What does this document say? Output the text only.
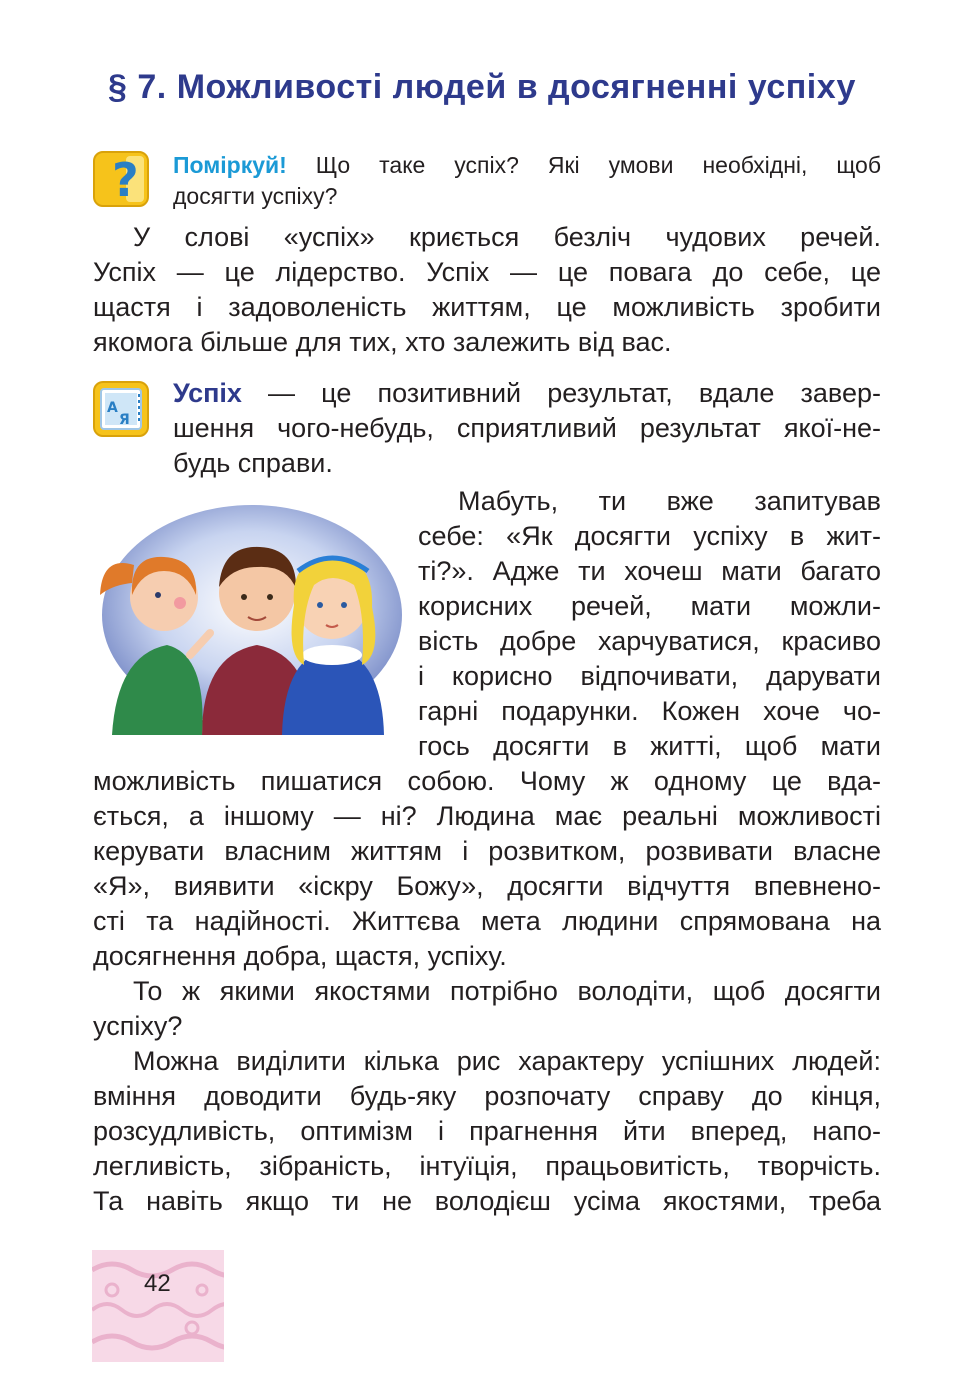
§ 7. Можливості людей в досягненні успіху
? Поміркуй! Що таке успіх? Які умови необхідні, щоб
досягти успіху?
У слові «успіх» криється безліч чудових речей.
Успіх — це лідерство. Успіх — це повага до себе, це
щастя і задоволеність життям, це можливість зробити
якомога більше для тих, хто залежить від вас.
А
Я
Успіх — це позитивний результат, вдале завер-
шення чого-небудь, сприятливий результат якої-не-
будь справи.
Мабуть, ти вже запитував
себе: «Як досягти успіху в жит-
ті?». Адже ти хочеш мати багато
корисних речей, мати можли-
вість добре харчуватися, красиво
і корисно відпочивати, дарувати
гарні подарунки. Кожен хоче чо-
гось досягти в житті, щоб мати
можливість пишатися собою. Чому ж одному це вда-
ється, а іншому — ні? Людина має реальні можливості
керувати власним життям і розвитком, розвивати власне
«Я», виявити «іскру Божу», досягти відчуття впевнено-
сті та надійності. Життєва мета людини спрямована на
досягнення добра, щастя, успіху.
То ж якими якостями потрібно володіти, щоб досягти
успіху?
Можна виділити кілька рис характеру успішних людей:
вміння доводити будь-яку розпочату справу до кінця,
розсудливість, оптимізм і прагнення йти вперед, напо-
легливість, зібраність, інтуїція, працьовитість, творчість.
Та навіть якщо ти не володієш усіма якостями, треба
42
